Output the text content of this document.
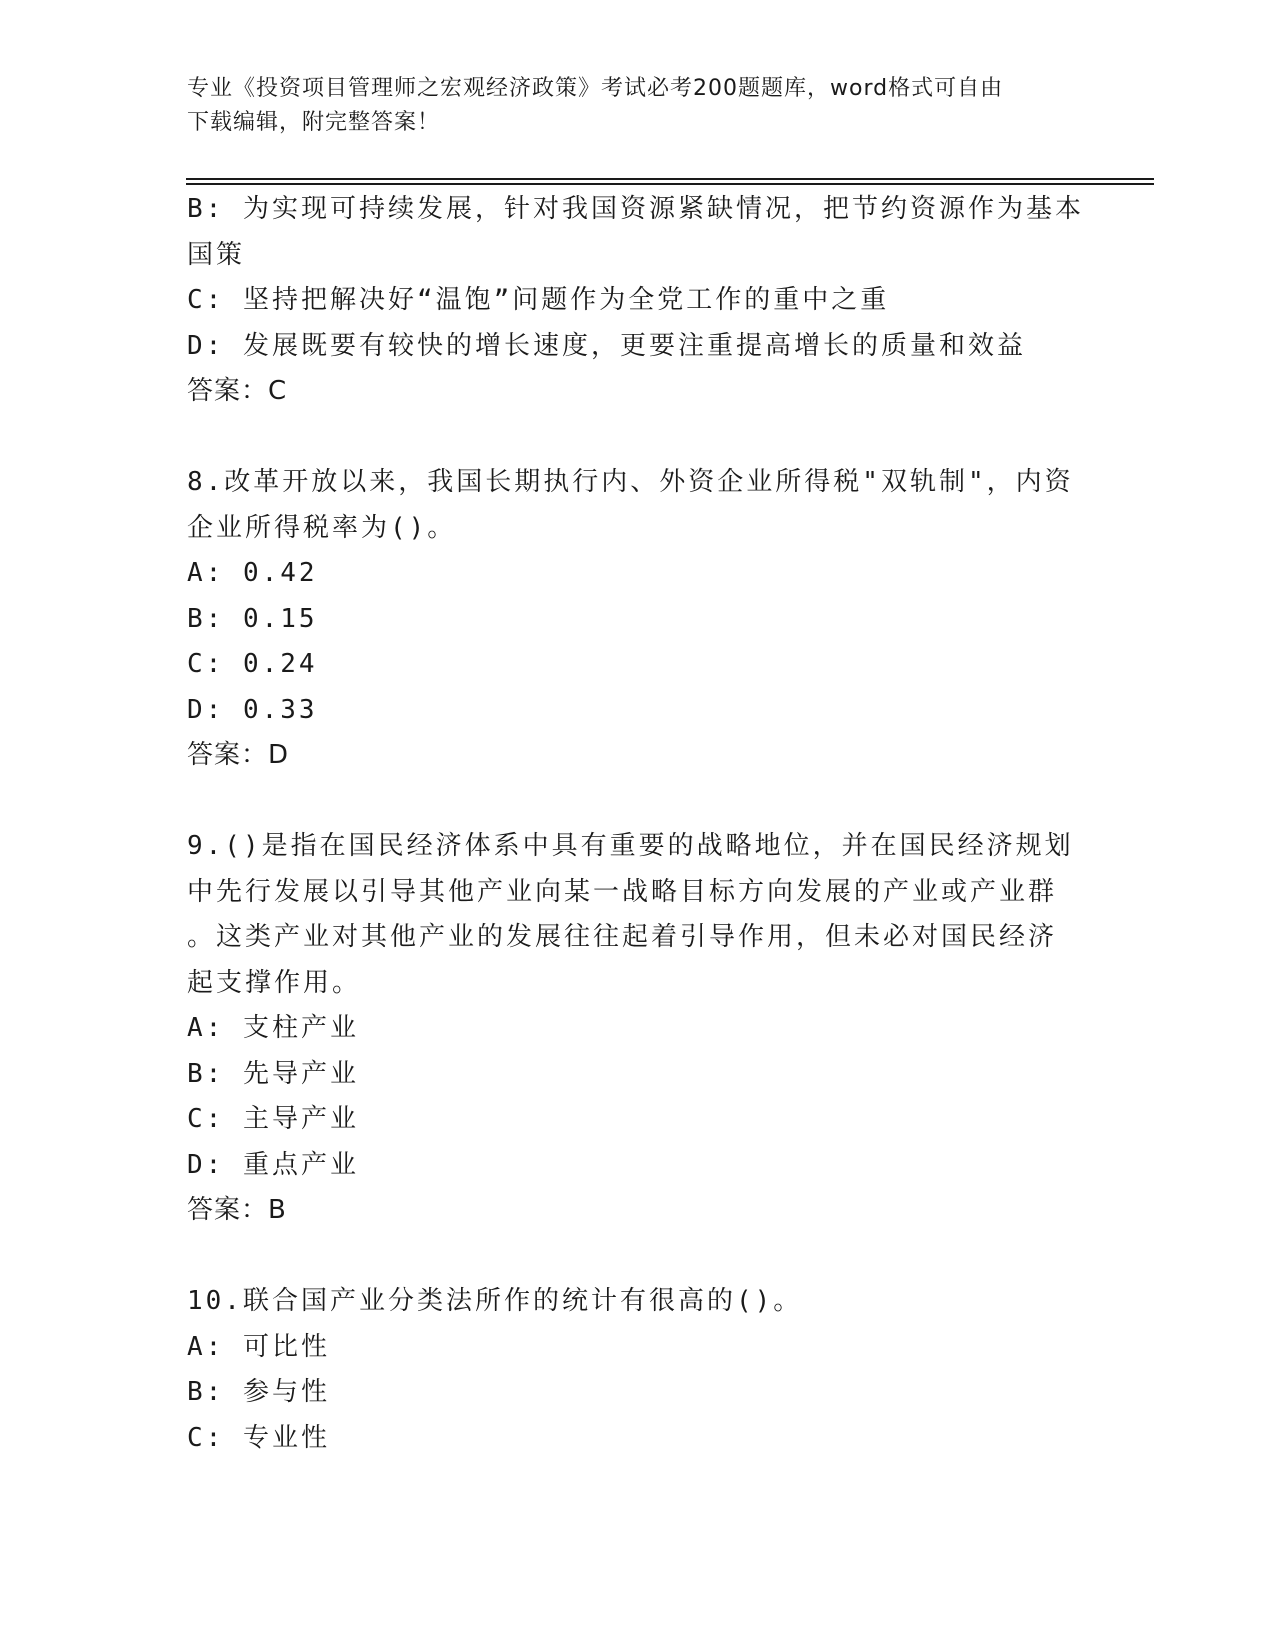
专业《投资项目管理师之宏观经济政策》考试必考200题题库，word格式可自由
下载编辑，附完整答案！
B: 为实现可持续发展，针对我国资源紧缺情况，把节约资源作为基本
国策
C: 坚持把解决好“温饱”问题作为全党工作的重中之重
D: 发展既要有较快的增长速度，更要注重提高增长的质量和效益
答案：C
8.改革开放以来，我国长期执行内、外资企业所得税"双轨制"，内资
企业所得税率为()。
A: 0.42
B: 0.15
C: 0.24
D: 0.33
答案：D
9.()是指在国民经济体系中具有重要的战略地位，并在国民经济规划
中先行发展以引导其他产业向某一战略目标方向发展的产业或产业群
。这类产业对其他产业的发展往往起着引导作用，但未必对国民经济
起支撑作用。
A: 支柱产业
B: 先导产业
C: 主导产业
D: 重点产业
答案：B
10.联合国产业分类法所作的统计有很高的()。
A: 可比性
B: 参与性
C: 专业性
